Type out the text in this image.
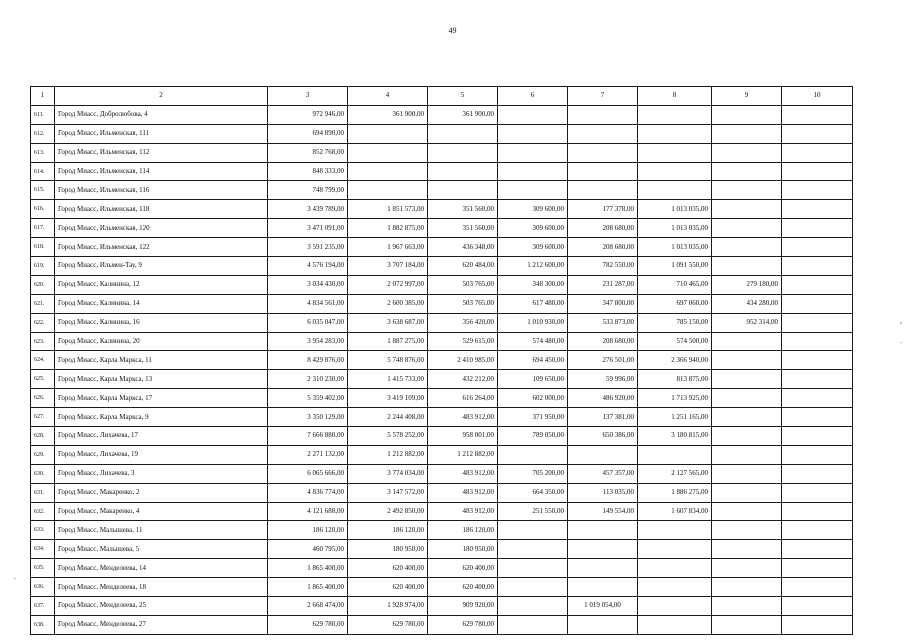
49
1	2	3	4	5	6	7	8	9	10
611.	Город Миасс, Добролюбова, 4	972 946,00	361 900,00	361 900,00					
612.	Город Миасс, Ильменская, 111	694 890,00							
613.	Город Миасс, Ильменская, 112	852 768,00							
614.	Город Миасс, Ильменская, 114	848 333,00							
615.	Город Миасс, Ильменская, 116	748 799,00							
616.	Город Миасс, Ильменская, 118	3 439 789,00	1 851 573,00	351 560,00	309 600,00	177 378,00	1 013 035,00		
617.	Город Миасс, Ильменская, 120	3 471 091,00	1 882 875,00	351 560,00	309 600,00	208 680,00	1 013 035,00		
618.	Город Миасс, Ильменская, 122	3 591 235,00	1 967 663,00	436 348,00	309 600,00	208 680,00	1 013 035,00		
619.	Город Миасс, Ильмен-Тау, 9	4 576 194,00	3 707 184,00	620 484,00	1 212 600,00	782 550,00	1 091 550,00		
620.	Город Миасс, Калинина, 12	3 034 430,00	2 072 997,00	503 765,00	348 300,00	231 287,00	710 465,00	279 180,00	
621.	Город Миасс, Калинина, 14	4 834 561,00	2 600 385,00	503 765,00	617 480,00	347 800,00	697 060,00	434 280,00	
622.	Город Миасс, Калинина, 16	6 035 047,00	3 638 687,00	356 420,00	1 010 930,00	533 873,00	785 150,00	952 314,00	
623.	Город Миасс, Калинина, 20	3 954 283,00	1 887 275,00	529 615,00	574 480,00	208 680,00	574 500,00		
624.	Город Миасс, Карла Маркса, 11	8 429 876,00	5 748 876,00	2 410 985,00	694 450,00	276 501,00	2 366 940,00		
625.	Город Миасс, Карла Маркса, 13	2 310 230,00	1 415 733,00	432 212,00	109 650,00	59 996,00	813 875,00		
626.	Город Миасс, Карла Маркса, 17	5 359 402,00	3 419 109,00	616 264,00	602 000,00	486 920,00	1 713 925,00		
627.	Город Миасс, Карла Маркса, 9	3 350 129,00	2 244 408,00	483 912,00	371 950,00	137 381,00	1 251 165,00		
628.	Город Миасс, Лихачева, 17	7 666 880,00	5 578 252,00	958 001,00	789 050,00	650 386,00	3 180 815,00		
629.	Город Миасс, Лихачева, 19	2 271 132,00	1 212 882,00	1 212 882,00					
630.	Город Миасс, Лихачева, 3	6 065 666,00	3 774 034,00	483 912,00	705 200,00	457 357,00	2 127 565,00		
631.	Город Миасс, Макаренко, 2	4 836 774,00	3 147 572,00	483 912,00	664 350,00	113 035,00	1 886 275,00		
632.	Город Миасс, Макаренко, 4	4 121 688,00	2 492 850,00	483 912,00	251 550,00	149 554,00	1 607 834,00		
633.	Город Миасс, Малышева, 11	186 120,00	186 120,00	186 120,00					
634.	Город Миасс, Малышева, 5	460 795,00	180 950,00	180 950,00					
635.	Город Миасс, Менделеева, 14	1 865 400,00	620 400,00	620 400,00					
636.	Город Миасс, Менделеева, 18	1 865 400,00	620 400,00	620 400,00					
637.	Город Миасс, Менделеева, 25	2 668 474,00	1 928 974,00	909 920,00		1 019 054,00			
638.	Город Миасс, Менделеева, 27	629 780,00	629 780,00	629 780,00					
